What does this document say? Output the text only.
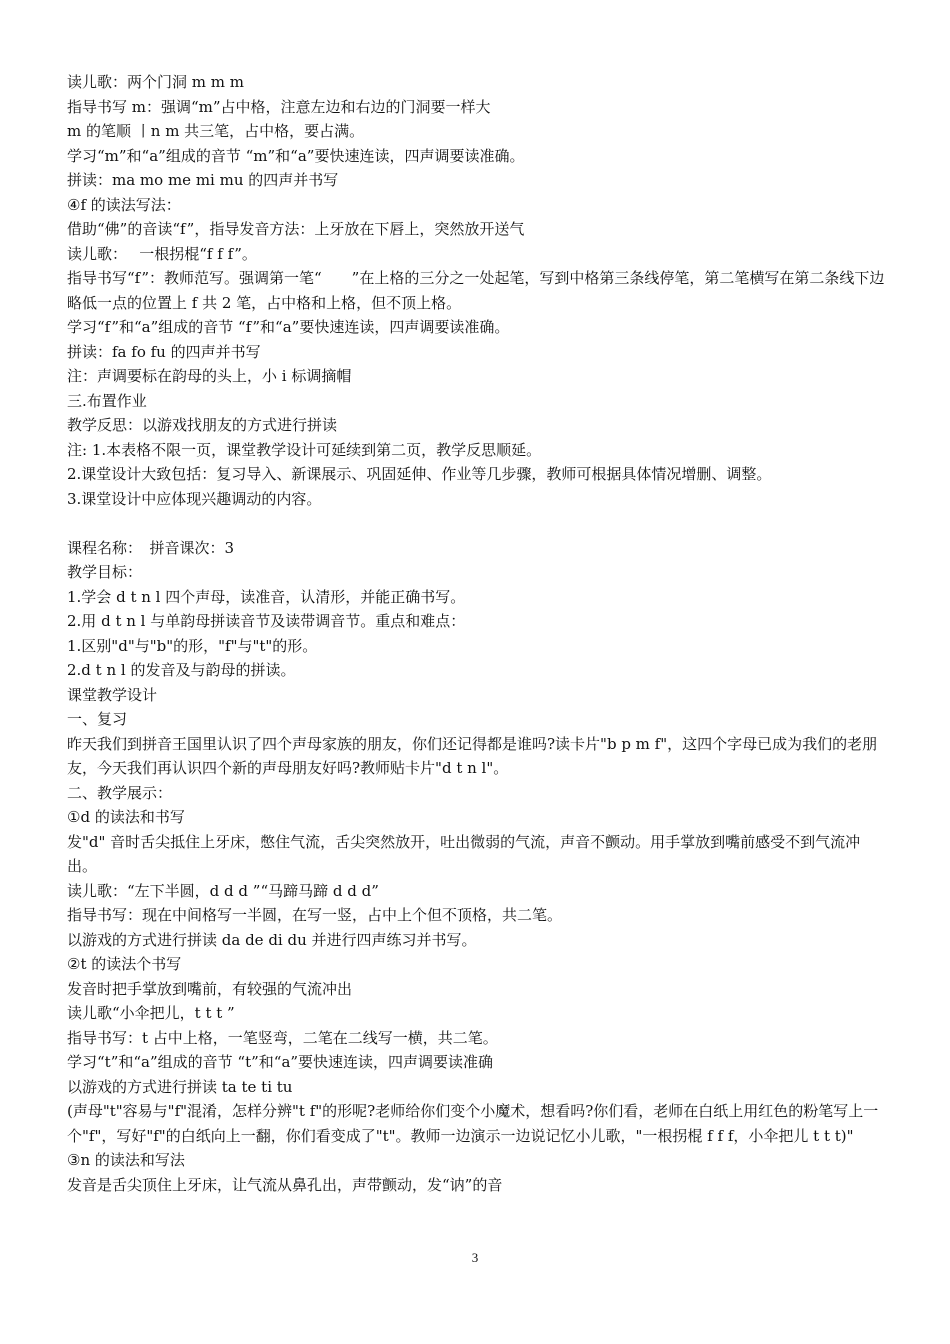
读儿歌：两个门洞 m m m
指导书写 m：强调“m”占中格，注意左边和右边的门洞要一样大
m 的笔顺 丨n m 共三笔，占中格，要占满。
学习“m”和“a”组成的音节 “m”和“a”要快速连读，四声调要读准确。
拼读：ma mo me mi mu 的四声并书写
④f 的读法写法：
借助“佛”的音读“f”，指导发音方法：上牙放在下唇上，突然放开送气
读儿歌：　 一根拐棍“f f f”。
指导书写“f”：教师范写。强调第一笔“　　”在上格的三分之一处起笔，写到中格第三条线停笔，第二笔横写在第二条线下边略低一点的位置上 f 共 2 笔，占中格和上格，但不顶上格。
学习“f”和“a”组成的音节 “f”和“a”要快速连读，四声调要读准确。
拼读：fa fo fu 的四声并书写
注：声调要标在韵母的头上，小 i 标调摘帽
三.布置作业
教学反思：以游戏找朋友的方式进行拼读
注: 1.本表格不限一页，课堂教学设计可延续到第二页，教学反思顺延。
2.课堂设计大致包括：复习导入、新课展示、巩固延伸、作业等几步骤，教师可根据具体情况增删、调整。
3.课堂设计中应体现兴趣调动的内容。
课程名称：　拼音课次：3
教学目标：
1.学会 d t n l 四个声母，读准音，认清形，并能正确书写。
2.用 d t n l 与单韵母拼读音节及读带调音节。重点和难点：
1.区别"d"与"b"的形，"f"与"t"的形。
2.d t n l 的发音及与韵母的拼读。
课堂教学设计
一、复习
昨天我们到拼音王国里认识了四个声母家族的朋友，你们还记得都是谁吗?读卡片"b p m f"，这四个字母已成为我们的老朋友，今天我们再认识四个新的声母朋友好吗?教师贴卡片"d t n l"。
二、教学展示：
①d 的读法和书写
发"d" 音时舌尖抵住上牙床，憋住气流，舌尖突然放开，吐出微弱的气流，声音不颤动。用手掌放到嘴前感受不到气流冲出。
读儿歌：“左下半圆，d d d ”“马蹄马蹄 d d d”
指导书写：现在中间格写一半圆，在写一竖，占中上个但不顶格，共二笔。
以游戏的方式进行拼读 da de di du 并进行四声练习并书写。
②t 的读法个书写
发音时把手掌放到嘴前，有较强的气流冲出
读儿歌“小伞把儿，t t t ”
指导书写：t 占中上格，一笔竖弯，二笔在二线写一横，共二笔。
学习“t”和“a”组成的音节 “t”和“a”要快速连读，四声调要读准确
以游戏的方式进行拼读 ta te ti tu
(声母"t"容易与"f"混淆，怎样分辨"t f"的形呢?老师给你们变个小魔术，想看吗?你们看，老师在白纸上用红色的粉笔写上一个"f"，写好"f"的白纸向上一翻，你们看变成了"t"。教师一边演示一边说记忆小儿歌，"一根拐棍 f f f，小伞把儿 t t t)"
③n 的读法和写法
发音是舌尖顶住上牙床，让气流从鼻孔出，声带颤动，发“讷”的音
3
